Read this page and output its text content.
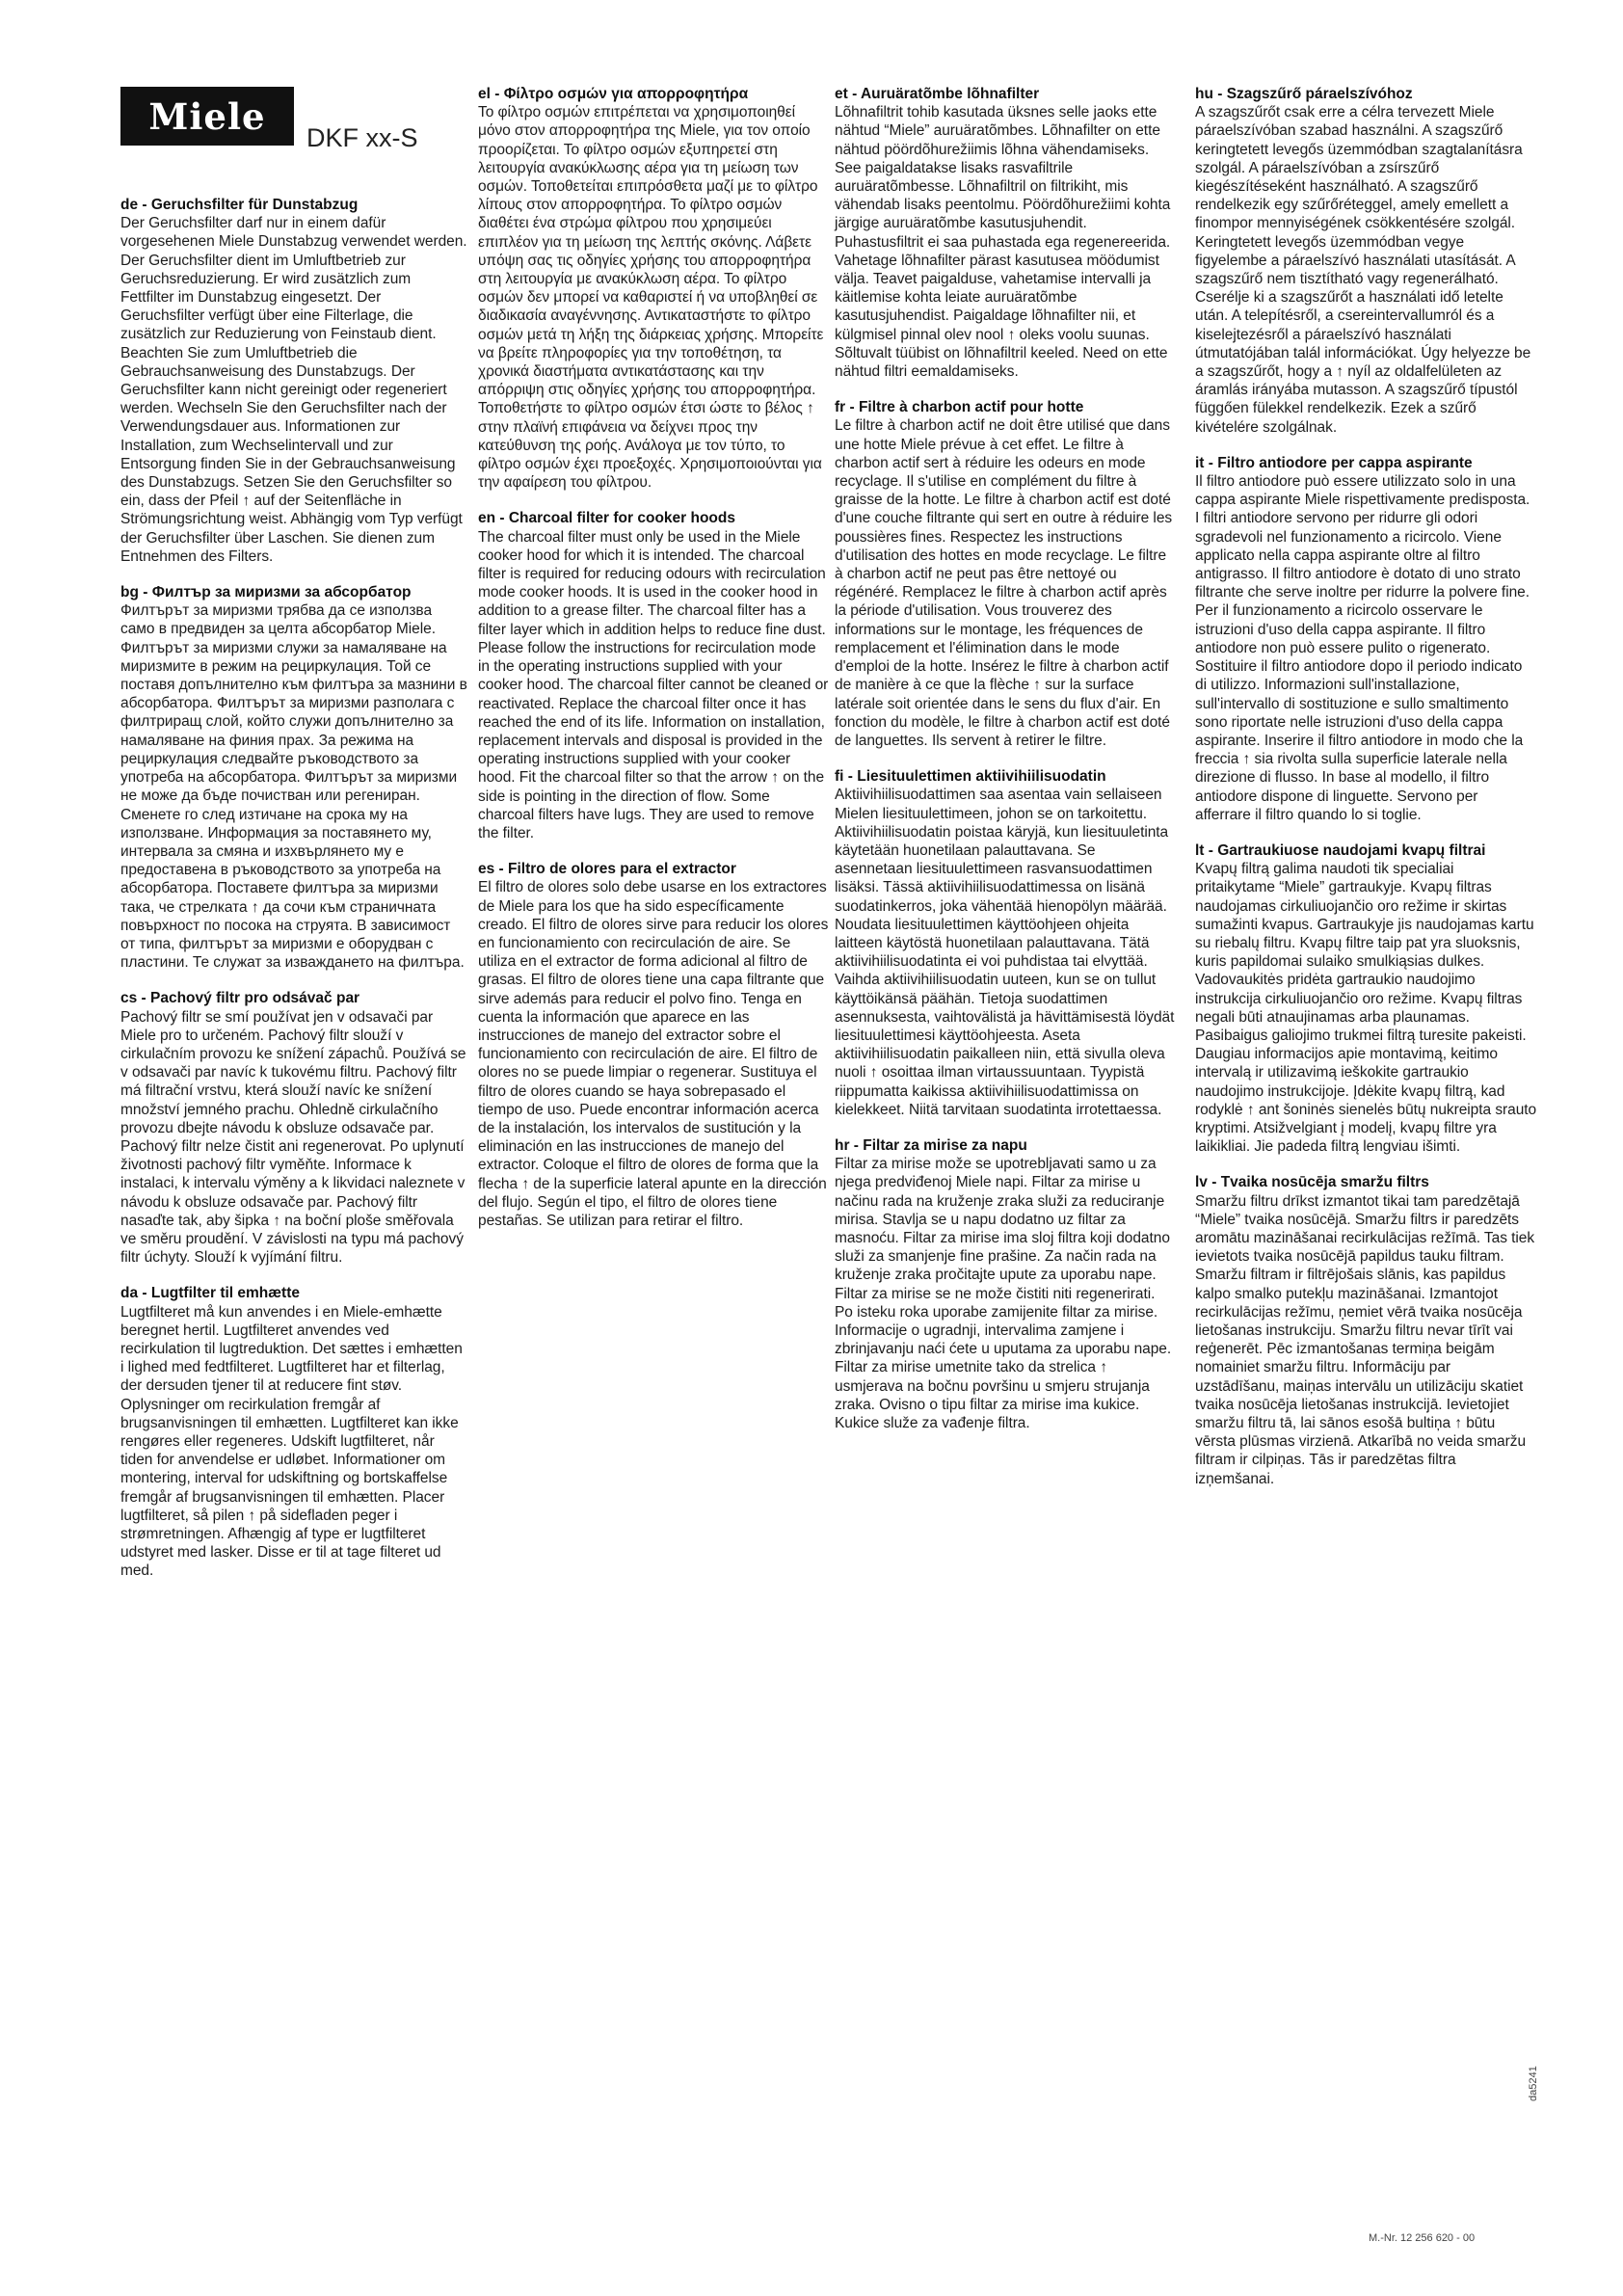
Miele
DKF xx-S
de - Geruchsfilter für Dunstabzug

Der Geruchsfilter darf nur in einem dafür vorgesehenen Miele Dunstabzug verwendet werden. Der Geruchsfilter dient im Umluftbetrieb zur Geruchsreduzierung. Er wird zusätzlich zum Fettfilter im Dunstabzug eingesetzt. Der Geruchsfilter verfügt über eine Filterlage, die zusätzlich zur Reduzierung von Feinstaub dient. Beachten Sie zum Umluftbetrieb die Gebrauchsanweisung des Dunstabzugs. Der Geruchsfilter kann nicht gereinigt oder regeneriert werden. Wechseln Sie den Geruchsfilter nach der Verwendungsdauer aus. Informationen zur Installation, zum Wechselintervall und zur Entsorgung finden Sie in der Gebrauchsanweisung des Dunstabzugs. Setzen Sie den Geruchsfilter so ein, dass der Pfeil ↑ auf der Seitenfläche in Strömungsrichtung weist. Abhängig vom Typ verfügt der Geruchsfilter über Laschen. Sie dienen zum Entnehmen des Filters.

bg - Филтър за миризми за абсорбатор

Филтърът за миризми трябва да се използва само в предвиден за целта абсорбатор Miele. Филтърът за миризми служи за намаляване на миризмите в режим на рециркулация. Той се поставя допълнително към филтъра за мазнини в абсорбатора. Филтърът за миризми разполага с филтриращ слой, който служи допълнително за намаляване на финия прах. За режима на рециркулация следвайте ръководството за употреба на абсорбатора. Филтърът за миризми не може да бъде почистван или регениран. Сменете го след изтичане на срока му на използване. Информация за поставянето му, интервала за смяна и изхвърлянето му е предоставена в ръководството за употреба на абсорбатора. Поставете филтъра за миризми така, че стрелката ↑ да сочи към страничната повърхност по посока на струята. В зависимост от типа, филтърът за миризми е оборудван с пластини. Те служат за изваждането на филтъра.

cs - Pachový filtr pro odsávač par

Pachový filtr se smí používat jen v odsavači par Miele pro to určeném. Pachový filtr slouží v cirkulačním provozu ke snížení zápachů. Používá se v odsavači par navíc k tukovému filtru. Pachový filtr má filtrační vrstvu, která slouží navíc ke snížení množství jemného prachu. Ohledně cirkulačního provozu dbejte návodu k obsluze odsavače par. Pachový filtr nelze čistit ani regenerovat. Po uplynutí životnosti pachový filtr vyměňte. Informace k instalaci, k intervalu výměny a k likvidaci naleznete v návodu k obsluze odsavače par. Pachový filtr nasaďte tak, aby šipka ↑ na boční ploše směřovala ve směru proudění. V závislosti na typu má pachový filtr úchyty. Slouží k vyjímání filtru.

da - Lugtfilter til emhætte

Lugtfilteret må kun anvendes i en Miele-emhætte beregnet hertil. Lugtfilteret anvendes ved recirkulation til lugtreduktion. Det sættes i emhætten i lighed med fedtfilteret. Lugtfilteret har et filterlag, der dersuden tjener til at reducere fint støv. Oplysninger om recirkulation fremgår af brugsanvisningen til emhætten. Lugtfilteret kan ikke rengøres eller regeneres. Udskift lugtfilteret, når tiden for anvendelse er udløbet. Informationer om montering, interval for udskiftning og bortskaffelse fremgår af brugsanvisningen til emhætten. Placer lugtfilteret, så pilen ↑ på sidefladen peger i strømretningen. Afhængig af type er lugtfilteret udstyret med lasker. Disse er til at tage filteret ud med.

el - Φίλτρο οσμών για απορροφητήρα

Το φίλτρο οσμών επιτρέπεται να χρησιμοποιηθεί μόνο στον απορροφητήρα της Miele, για τον οποίο προορίζεται. Το φίλτρο οσμών εξυπηρετεί στη λειτουργία ανακύκλωσης αέρα για τη μείωση των οσμών. Τοποθετείται επιπρόσθετα μαζί με το φίλτρο λίπους στον απορροφητήρα. Το φίλτρο οσμών διαθέτει ένα στρώμα φίλτρου που χρησιμεύει επιπλέον για τη μείωση της λεπτής σκόνης. Λάβετε υπόψη σας τις οδηγίες χρήσης του απορροφητήρα στη λειτουργία με ανακύκλωση αέρα. Το φίλτρο οσμών δεν μπορεί να καθαριστεί ή να υποβληθεί σε διαδικασία αναγέννησης. Αντικαταστήστε το φίλτρο οσμών μετά τη λήξη της διάρκειας χρήσης. Μπορείτε να βρείτε πληροφορίες για την τοποθέτηση, τα χρονικά διαστήματα αντικατάστασης και την απόρριψη στις οδηγίες χρήσης του απορροφητήρα. Τοποθετήστε το φίλτρο οσμών έτσι ώστε το βέλος ↑ στην πλαϊνή επιφάνεια να δείχνει προς την κατεύθυνση της ροής. Ανάλογα με τον τύπο, το φίλτρο οσμών έχει προεξοχές. Χρησιμοποιούνται για την αφαίρεση του φίλτρου.

en - Charcoal filter for cooker hoods

The charcoal filter must only be used in the Miele cooker hood for which it is intended. The charcoal filter is required for reducing odours with recirculation mode cooker hoods. It is used in the cooker hood in addition to a grease filter. The charcoal filter has a filter layer which in addition helps to reduce fine dust. Please follow the instructions for recirculation mode in the operating instructions supplied with your cooker hood. The charcoal filter cannot be cleaned or reactivated. Replace the charcoal filter once it has reached the end of its life. Information on installation, replacement intervals and disposal is provided in the operating instructions supplied with your cooker hood. Fit the charcoal filter so that the arrow ↑ on the side is pointing in the direction of flow. Some charcoal filters have lugs. They are used to remove the filter.

es - Filtro de olores para el extractor

El filtro de olores solo debe usarse en los extractores de Miele para los que ha sido específicamente creado. El filtro de olores sirve para reducir los olores en funcionamiento con recirculación de aire. Se utiliza en el extractor de forma adicional al filtro de grasas. El filtro de olores tiene una capa filtrante que sirve además para reducir el polvo fino. Tenga en cuenta la información que aparece en las instrucciones de manejo del extractor sobre el funcionamiento con recirculación de aire. El filtro de olores no se puede limpiar o regenerar. Sustituya el filtro de olores cuando se haya sobrepasado el tiempo de uso. Puede encontrar información acerca de la instalación, los intervalos de sustitución y la eliminación en las instrucciones de manejo del extractor. Coloque el filtro de olores de forma que la flecha ↑ de la superficie lateral apunte en la dirección del flujo. Según el tipo, el filtro de olores tiene pestañas. Se utilizan para retirar el filtro.

et - Auruäratõmbe lõhnafilter

Lõhnafiltrit tohib kasutada üksnes selle jaoks ette nähtud “Miele” auruäratõmbes. Lõhnafilter on ette nähtud pöördõhurežiimis lõhna vähendamiseks. See paigaldatakse lisaks rasvafiltrile auruäratõmbesse. Lõhnafiltril on filtrikiht, mis vähendab lisaks peentolmu. Pöördõhurežiimi kohta järgige auruäratõmbe kasutusjuhendit. Puhastusfiltrit ei saa puhastada ega regenereerida. Vahetage lõhnafilter pärast kasutusea möödumist välja. Teavet paigalduse, vahetamise intervalli ja käitlemise kohta leiate auruäratõmbe kasutusjuhendist. Paigaldage lõhnafilter nii, et külgmisel pinnal olev nool ↑ oleks voolu suunas. Sõltuvalt tüübist on lõhnafiltril keeled. Need on ette nähtud filtri eemaldamiseks.

fr - Filtre à charbon actif pour hotte

Le filtre à charbon actif ne doit être utilisé que dans une hotte Miele prévue à cet effet. Le filtre à charbon actif sert à réduire les odeurs en mode recyclage. Il s'utilise en complément du filtre à graisse de la hotte. Le filtre à charbon actif est doté d'une couche filtrante qui sert en outre à réduire les poussières fines. Respectez les instructions d'utilisation des hottes en mode recyclage. Le filtre à charbon actif ne peut pas être nettoyé ou régénéré. Remplacez le filtre à charbon actif après la période d'utilisation. Vous trouverez des informations sur le montage, les fréquences de remplacement et l'élimination dans le mode d'emploi de la hotte. Insérez le filtre à charbon actif de manière à ce que la flèche ↑ sur la surface latérale soit orientée dans le sens du flux d'air. En fonction du modèle, le filtre à charbon actif est doté de languettes. Ils servent à retirer le filtre.

fi - Liesituulettimen aktiivihiilisuodatin

Aktiivihiilisuodattimen saa asentaa vain sellaiseen Mielen liesituulettimeen, johon se on tarkoitettu. Aktiivihiilisuodatin poistaa käryjä, kun liesituuletinta käytetään huonetilaan palauttavana. Se asennetaan liesituulettimeen rasvansuodattimen lisäksi. Tässä aktiivihiilisuodattimessa on lisänä suodatinkerros, joka vähentää hienopölyn määrää. Noudata liesituulettimen käyttöohjeen ohjeita laitteen käytöstä huonetilaan palauttavana. Tätä aktiivihiilisuodatinta ei voi puhdistaa tai elvyttää. Vaihda aktiivihiilisuodatin uuteen, kun se on tullut käyttöikänsä päähän. Tietoja suodattimen asennuksesta, vaihtovälistä ja hävittämisestä löydät liesituulettimesi käyttöohjeesta. Aseta aktiivihiilisuodatin paikalleen niin, että sivulla oleva nuoli ↑ osoittaa ilman virtaussuuntaan. Tyypistä riippumatta kaikissa aktiivihiilisuodattimissa on kielekkeet. Niitä tarvitaan suodatinta irrotettaessa.

hr - Filtar za mirise za napu

Filtar za mirise može se upotrebljavati samo u za njega predviđenoj Miele napi. Filtar za mirise u načinu rada na kruženje zraka služi za reduciranje mirisa. Stavlja se u napu dodatno uz filtar za masnoću. Filtar za mirise ima sloj filtra koji dodatno služi za smanjenje fine prašine. Za način rada na kruženje zraka pročitajte upute za uporabu nape. Filtar za mirise se ne može čistiti niti regenerirati. Po isteku roka uporabe zamijenite filtar za mirise. Informacije o ugradnji, intervalima zamjene i zbrinjavanju naći ćete u uputama za uporabu nape. Filtar za mirise umetnite tako da strelica ↑ usmjerava na bočnu površinu u smjeru strujanja zraka. Ovisno o tipu filtar za mirise ima kukice. Kukice služe za vađenje filtra.

hu - Szagszűrő páraelszívóhoz

A szagszűrőt csak erre a célra tervezett Miele páraelszívóban szabad használni. A szagszűrő keringtetett levegős üzemmódban szagtalanításra szolgál. A páraelszívóban a zsírszűrő kiegészítéseként használható. A szagszűrő rendelkezik egy szűrőréteggel, amely emellett a finompor mennyiségének csökkentésére szolgál. Keringtetett levegős üzemmódban vegye figyelembe a páraelszívó használati utasítását. A szagszűrő nem tisztítható vagy regenerálható. Cserélje ki a szagszűrőt a használati idő letelte után. A telepítésről, a csereintervallumról és a kiselejtezésről a páraelszívó használati útmutatójában talál információkat. Úgy helyezze be a szagszűrőt, hogy a ↑ nyíl az oldalfelületen az áramlás irányába mutasson. A szagszűrő típustól függően fülekkel rendelkezik. Ezek a szűrő kivételére szolgálnak.

it - Filtro antiodore per cappa aspirante

Il filtro antiodore può essere utilizzato solo in una cappa aspirante Miele rispettivamente predisposta. I filtri antiodore servono per ridurre gli odori sgradevoli nel funzionamento a ricircolo. Viene applicato nella cappa aspirante oltre al filtro antigrasso. Il filtro antiodore è dotato di uno strato filtrante che serve inoltre per ridurre la polvere fine. Per il funzionamento a ricircolo osservare le istruzioni d'uso della cappa aspirante. Il filtro antiodore non può essere pulito o rigenerato. Sostituire il filtro antiodore dopo il periodo indicato di utilizzo. Informazioni sull'installazione, sull'intervallo di sostituzione e sullo smaltimento sono riportate nelle istruzioni d'uso della cappa aspirante. Inserire il filtro antiodore in modo che la freccia ↑ sia rivolta sulla superficie laterale nella direzione di flusso. In base al modello, il filtro antiodore dispone di linguette. Servono per afferrare il filtro quando lo si toglie.

lt - Gartraukiuose naudojami kvapų filtrai

Kvapų filtrą galima naudoti tik specialiai pritaikytame “Miele” gartraukyje. Kvapų filtras naudojamas cirkuliuojančio oro režime ir skirtas sumažinti kvapus. Gartraukyje jis naudojamas kartu su riebalų filtru. Kvapų filtre taip pat yra sluoksnis, kuris papildomai sulaiko smulkiąsias dulkes. Vadovaukitės pridėta gartraukio naudojimo instrukcija cirkuliuojančio oro režime. Kvapų filtras negali būti atnaujinamas arba plaunamas. Pasibaigus galiojimo trukmei filtrą turesite pakeisti. Daugiau informacijos apie montavimą, keitimo intervalą ir utilizavimą ieškokite gartraukio naudojimo instrukcijoje. Įdėkite kvapų filtrą, kad rodyklė ↑ ant šoninės sienelės būtų nukreipta srauto kryptimi. Atsižvelgiant į modelį, kvapų filtre yra laikikliai. Jie padeda filtrą lengviau išimti.

lv - Tvaika nosūcēja smaržu filtrs

Smaržu filtru drīkst izmantot tikai tam paredzētajā “Miele” tvaika nosūcējā. Smaržu filtrs ir paredzēts aromātu mazināšanai recirkulācijas režīmā. Tas tiek ievietots tvaika nosūcējā papildus tauku filtram. Smaržu filtram ir filtrējošais slānis, kas papildus kalpo smalko putekļu mazināšanai. Izmantojot recirkulācijas režīmu, ņemiet vērā tvaika nosūcēja lietošanas instrukciju. Smaržu filtru nevar tīrīt vai reģenerēt. Pēc izmantošanas termiņa beigām nomainiet smaržu filtru. Informāciju par uzstādīšanu, maiņas intervālu un utilizāciju skatiet tvaika nosūcēja lietošanas instrukcijā. Ievietojiet smaržu filtru tā, lai sānos esošā bultiņa ↑ būtu vērsta plūsmas virzienā. Atkarībā no veida smaržu filtram ir cilpiņas. Tās ir paredzētas filtra izņemšanai.

da5241
M.-Nr. 12 256 620 - 00
